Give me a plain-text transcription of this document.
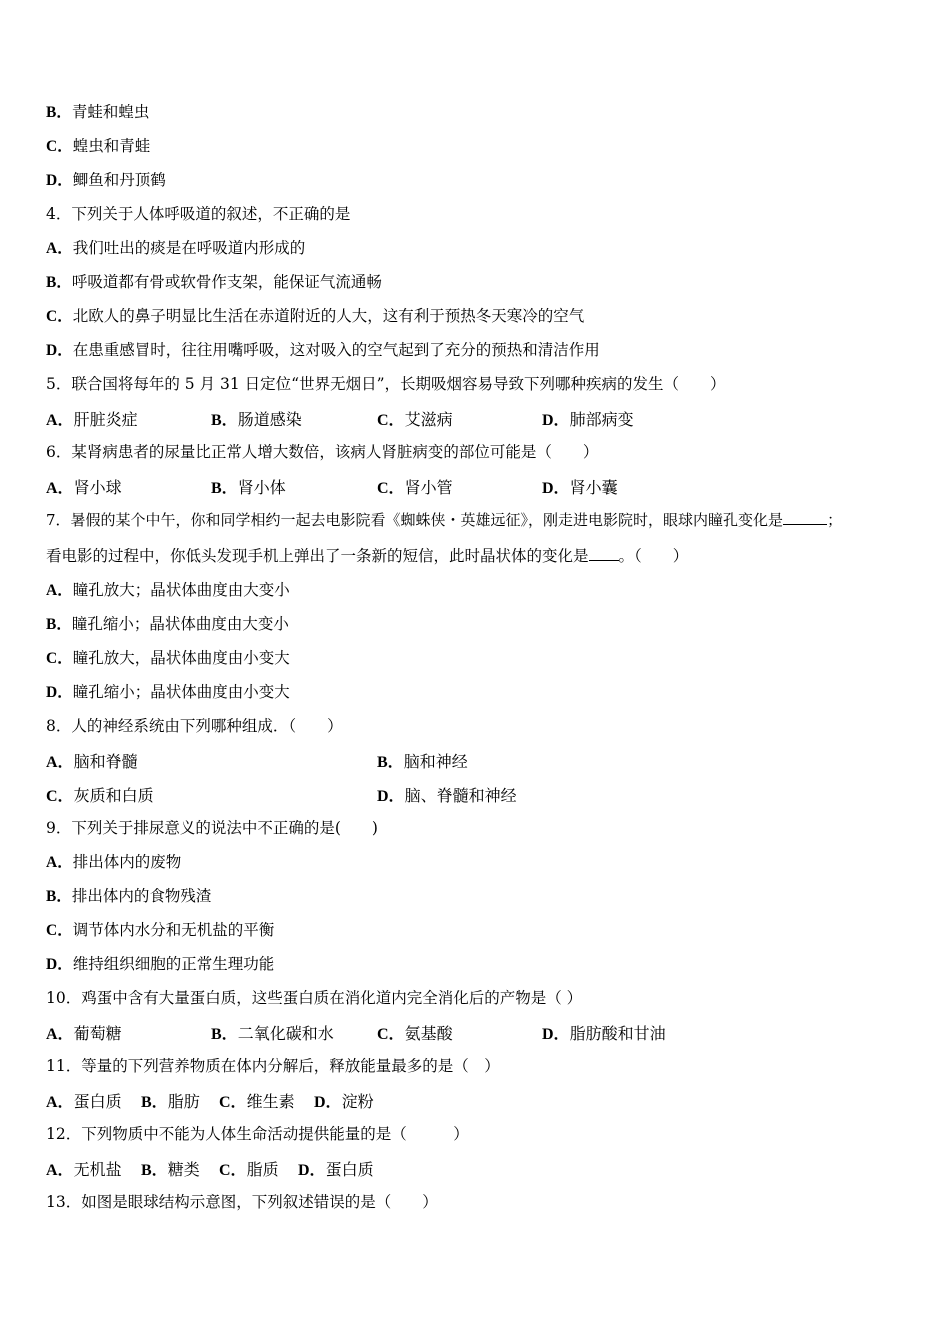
B．青蛙和蝗虫
C．蝗虫和青蛙
D．鲫鱼和丹顶鹤
4．下列关于人体呼吸道的叙述，不正确的是
A．我们吐出的痰是在呼吸道内形成的
B．呼吸道都有骨或软骨作支架，能保证气流通畅
C．北欧人的鼻子明显比生活在赤道附近的人大，这有利于预热冬天寒冷的空气
D．在患重感冒时，往往用嘴呼吸，这对吸入的空气起到了充分的预热和清洁作用
5．联合国将每年的 5 月 31 日定位“世界无烟日”，长期吸烟容易导致下列哪种疾病的发生（　　）
A．肝脏炎症	B．肠道感染	C．艾滋病	D．肺部病变
6．某肾病患者的尿量比正常人增大数倍，该病人肾脏病变的部位可能是（　　）
A．肾小球	B．肾小体	C．肾小管	D．肾小囊
7．暑假的某个中午，你和同学相约一起去电影院看《蜘蛛侠・英雄远征》，刚走进电影院时，眼球内瞳孔变化是	；
看电影的过程中，你低头发现手机上弹出了一条新的短信，此时晶状体的变化是 。（　　）
A．瞳孔放大；晶状体曲度由大变小
B．瞳孔缩小；晶状体曲度由大变小
C．瞳孔放大，晶状体曲度由小变大
D．瞳孔缩小；晶状体曲度由小变大
8．人的神经系统由下列哪种组成．（　　）
A．脑和脊髓	B．脑和神经
C．灰质和白质	D．脑、脊髓和神经
9．下列关于排尿意义的说法中不正确的是(　　)
A．排出体内的废物
B．排出体内的食物残渣
C．调节体内水分和无机盐的平衡
D．维持组织细胞的正常生理功能
10．鸡蛋中含有大量蛋白质，这些蛋白质在消化道内完全消化后的产物是（ ）
A．葡萄糖	B．二氧化碳和水	C．氨基酸	D．脂肪酸和甘油
11．等量的下列营养物质在体内分解后，释放能量最多的是（　）
A．蛋白质 B．脂肪 C．维生素 D．淀粉
12．下列物质中不能为人体生命活动提供能量的是（　　　）
A．无机盐 B．糖类 C．脂质 D．蛋白质
13．如图是眼球结构示意图，下列叙述错误的是（　　）
